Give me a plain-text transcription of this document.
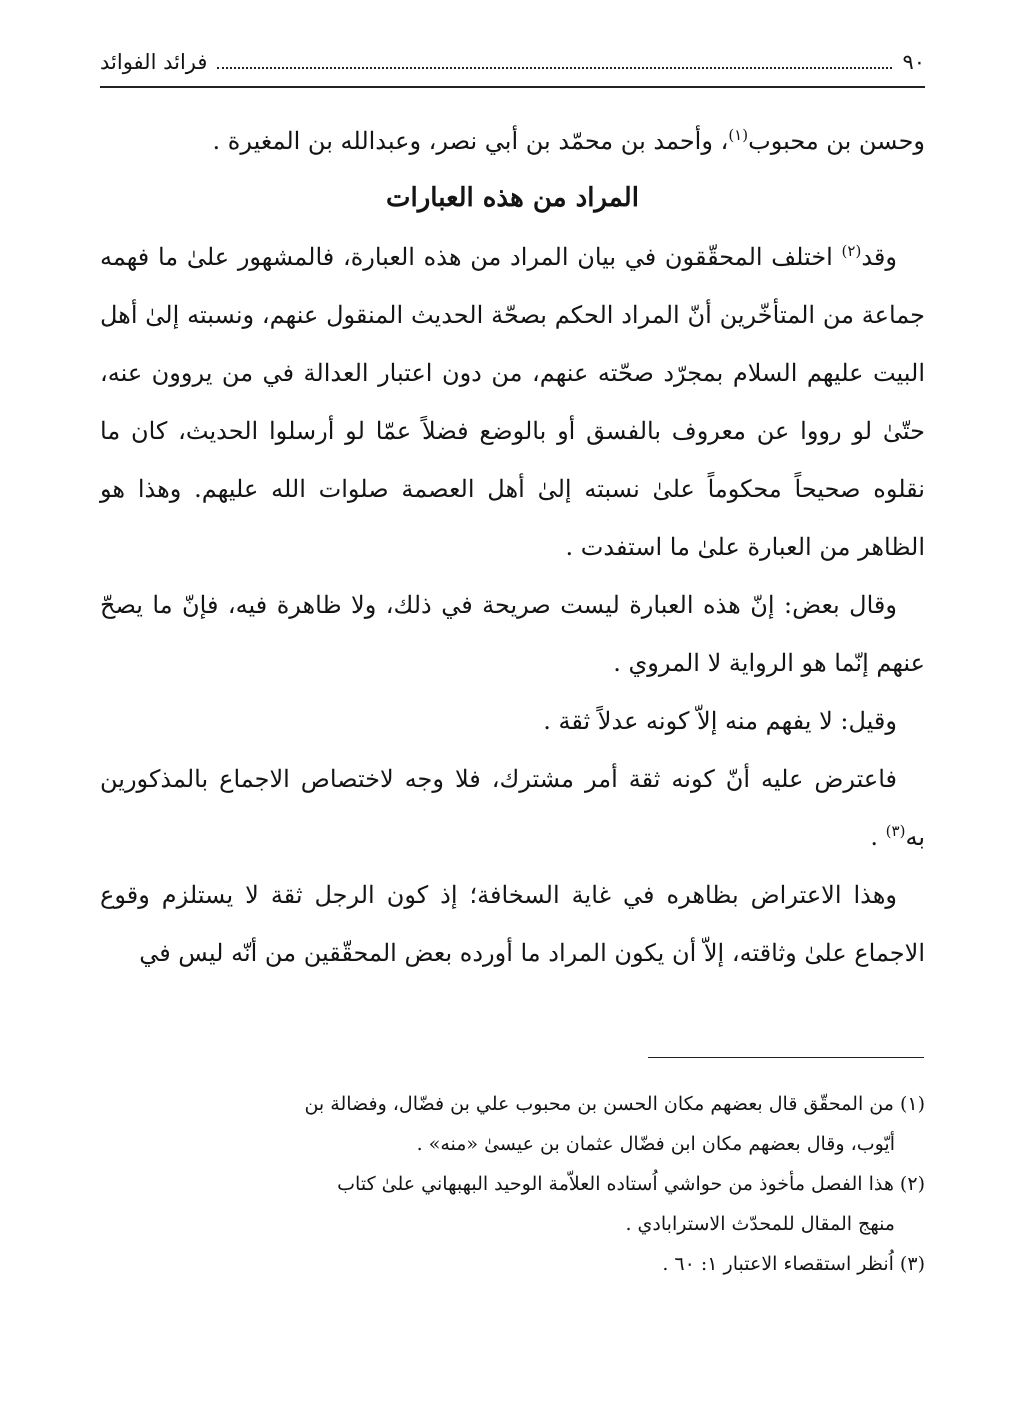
٩٠
فرائد الفوائد

وحسن بن محبوب$^{(١)}$، وأحمد بن محمّد بن أبي نصر، وعبدالله بن المغيرة .

المراد من هذه العبارات

وقد$^{(٢)}$ اختلف المحقّقون في بيان المراد من هذه العبارة، فالمشهور علىٰ ما فهمه جماعة من المتأخّرين أنّ المراد الحكم بصحّة الحديث المنقول عنهم، ونسبته إلىٰ أهل البيت عليهم السلام بمجرّد صحّته عنهم، من دون اعتبار العدالة في من يروون عنه، حتّىٰ لو رووا عن معروف بالفسق أو بالوضع فضلاً عمّا لو أرسلوا الحديث، كان ما نقلوه صحيحاً محكوماً علىٰ نسبته إلىٰ أهل العصمة صلوات الله عليهم. وهذا هو الظاهر من العبارة علىٰ ما استفدت .

وقال بعض: إنّ هذه العبارة ليست صريحة في ذلك، ولا ظاهرة فيه، فإنّ ما يصحّ عنهم إنّما هو الرواية لا المروي .

وقيل: لا يفهم منه إلاّ كونه عدلاً ثقة .

فاعترض عليه أنّ كونه ثقة أمر مشترك، فلا وجه لاختصاص الاجماع بالمذكورين به$^{(٣)}$ .

وهذا الاعتراض بظاهره في غاية السخافة؛ إذ كون الرجل ثقة لا يستلزم وقوع الاجماع علىٰ وثاقته، إلاّ أن يكون المراد ما أورده بعض المحقّقين من أنّه ليس في

(١) من المحقّق قال بعضهم مكان الحسن بن محبوب علي بن فضّال، وفضالة بن

أيّوب، وقال بعضهم مكان ابن فضّال عثمان بن عيسىٰ «منه» .

(٢) هذا الفصل مأخوذ من حواشي اُستاده العلاّمة الوحيد البهبهاني علىٰ كتاب

منهج المقال للمحدّث الاسترابادي .

(٣) اُنظر استقصاء الاعتبار ١: ٦٠ .
